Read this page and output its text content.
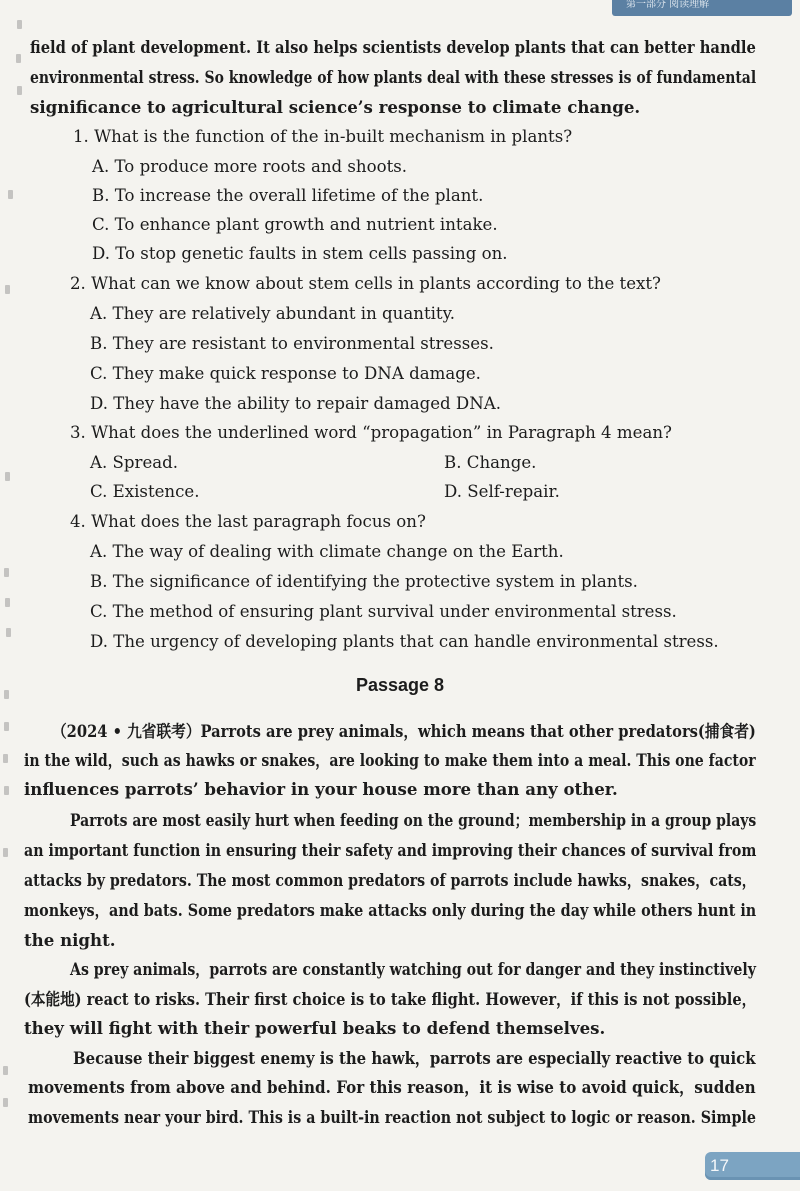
第一部分 阅读理解
field of plant development. It also helps scientists develop plants that can better handle
environmental stress. So knowledge of how plants deal with these stresses is of fundamental
significance to agricultural science’s response to climate change.
1. What is the function of the in-built mechanism in plants?
A. To produce more roots and shoots.
B. To increase the overall lifetime of the plant.
C. To enhance plant growth and nutrient intake.
D. To stop genetic faults in stem cells passing on.
2. What can we know about stem cells in plants according to the text?
A. They are relatively abundant in quantity.
B. They are resistant to environmental stresses.
C. They make quick response to DNA damage.
D. They have the ability to repair damaged DNA.
3. What does the underlined word “propagation” in Paragraph 4 mean?
A. Spread.	B. Change.
C. Existence.	D. Self-repair.
4. What does the last paragraph focus on?
A. The way of dealing with climate change on the Earth.
B. The significance of identifying the protective system in plants.
C. The method of ensuring plant survival under environmental stress.
D. The urgency of developing plants that can handle environmental stress.
Passage 8
（2024 • 九省联考）Parrots are prey animals，which means that other predators(捕食者)
in the wild，such as hawks or snakes，are looking to make them into a meal. This one factor
influences parrots’ behavior in your house more than any other.
Parrots are most easily hurt when feeding on the ground；membership in a group plays
an important function in ensuring their safety and improving their chances of survival from
attacks by predators. The most common predators of parrots include hawks，snakes，cats，
monkeys，and bats. Some predators make attacks only during the day while others hunt in
the night.
As prey animals，parrots are constantly watching out for danger and they instinctively
(本能地) react to risks. Their first choice is to take flight. However，if this is not possible，
they will fight with their powerful beaks to defend themselves.
Because their biggest enemy is the hawk，parrots are especially reactive to quick
movements from above and behind. For this reason，it is wise to avoid quick，sudden
movements near your bird. This is a built-in reaction not subject to logic or reason. Simple
17
